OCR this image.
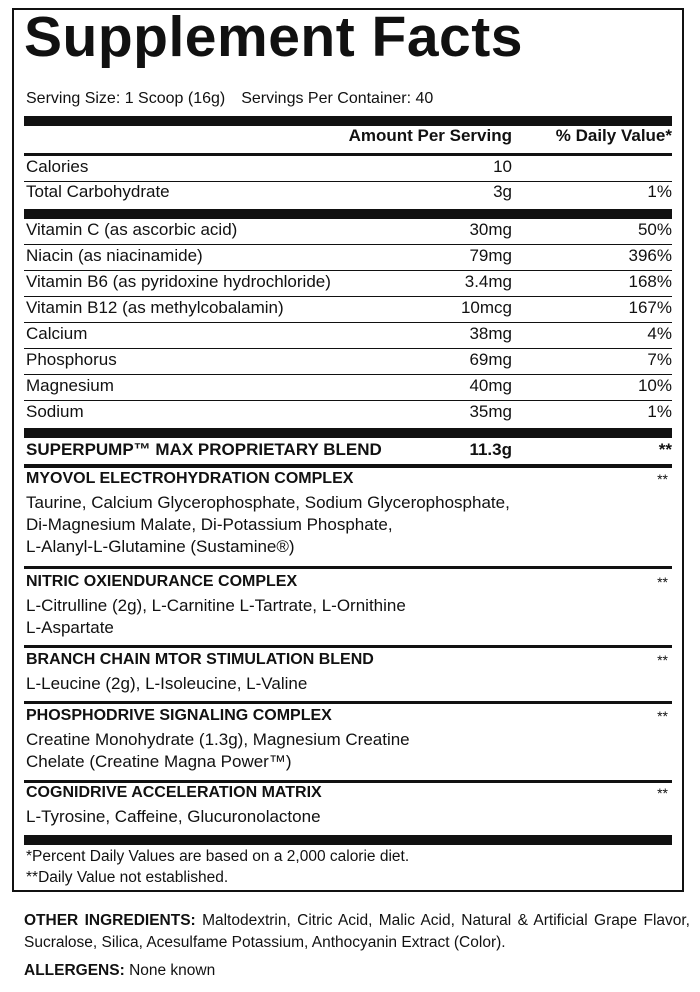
Supplement Facts
Serving Size: 1 Scoop (16g) Servings Per Container: 40
Amount Per Serving	% Daily Value*
Calories	10
Total Carbohydrate	3g	1%
Vitamin C (as ascorbic acid)	30mg	50%
Niacin (as niacinamide)	79mg	396%
Vitamin B6 (as pyridoxine hydrochloride)	3.4mg	168%
Vitamin B12 (as methylcobalamin)	10mcg	167%
Calcium	38mg	4%
Phosphorus	69mg	7%
Magnesium	40mg	10%
Sodium	35mg	1%
SUPERPUMP™ MAX PROPRIETARY BLEND	11.3g	**
MYOVOL ELECTROHYDRATION COMPLEX	**
Taurine, Calcium Glycerophosphate, Sodium Glycerophosphate,
Di-Magnesium Malate, Di-Potassium Phosphate,
L-Alanyl-L-Glutamine (Sustamine®)
NITRIC OXIENDURANCE COMPLEX	**
L-Citrulline (2g), L-Carnitine L-Tartrate, L-Ornithine
L-Aspartate
BRANCH CHAIN MTOR STIMULATION BLEND	**
L-Leucine (2g), L-Isoleucine, L-Valine
PHOSPHODRIVE SIGNALING COMPLEX	**
Creatine Monohydrate (1.3g), Magnesium Creatine
Chelate (Creatine Magna Power™)
COGNIDRIVE ACCELERATION MATRIX	**
L-Tyrosine, Caffeine, Glucuronolactone
*Percent Daily Values are based on a 2,000 calorie diet.
**Daily Value not established.
OTHER INGREDIENTS: Maltodextrin, Citric Acid, Malic Acid, Natural & Artificial Grape Flavor, Sucralose, Silica, Acesulfame Potassium, Anthocyanin Extract (Color).
ALLERGENS: None known
